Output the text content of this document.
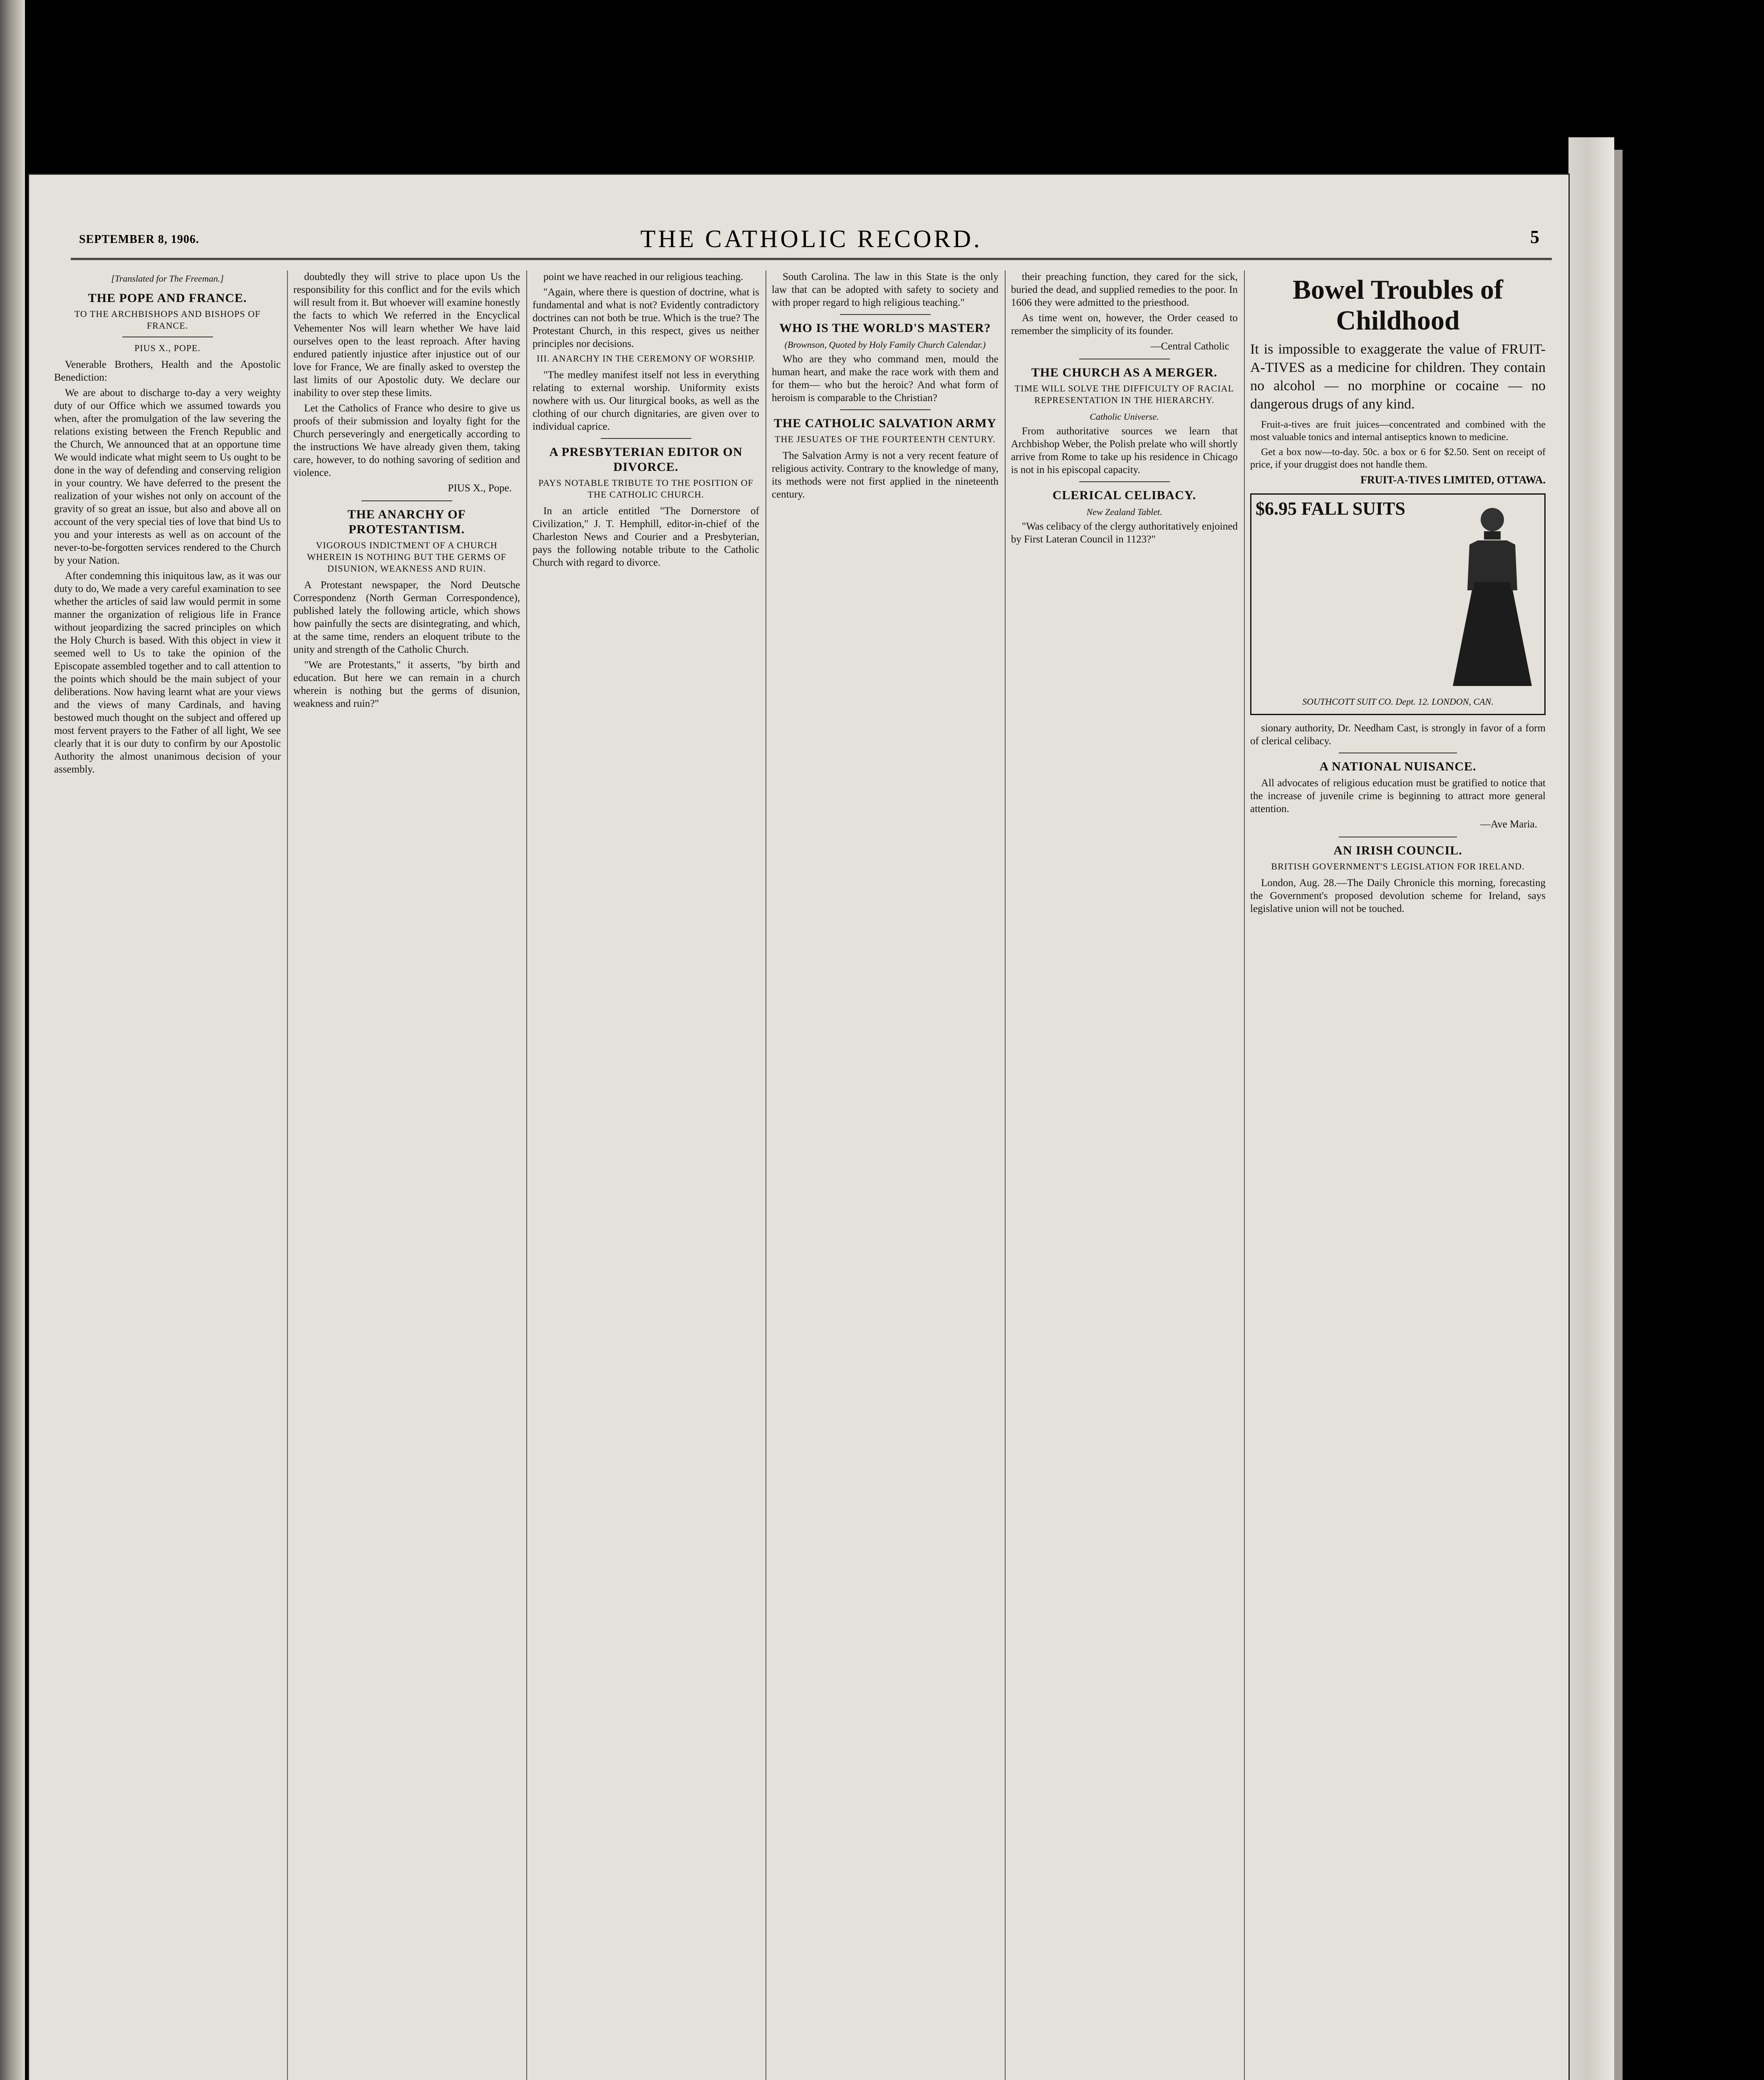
SEPTEMBER 8, 1906.	THE CATHOLIC RECORD.	5
[Translated for The Freeman.]
THE POPE AND FRANCE.
TO THE ARCHBISHOPS AND BISHOPS OF FRANCE.
PIUS X., POPE.

Venerable Brothers, Health and the Apostolic Benediction:

We are about to discharge to-day a very weighty duty of our Office which we assumed towards you when, after the promulgation of the law severing the relations existing between the French Republic and the Church, We announced that at an opportune time We would indicate what might seem to Us ought to be done in the way of defending and conserving religion in your country. We have deferred to the present the realization of your wishes not only on account of the gravity of so great an issue, but also and above all on account of the very special ties of love that bind Us to you and your interests as well as on account of the never-to-be-forgotten services rendered to the Church by your Nation.

After condemning this iniquitous law, as it was our duty to do, We made a very careful examination to see whether the articles of said law would permit in some manner the organization of religious life in France without jeopardizing the sacred principles on which the Holy Church is based. With this object in view it seemed well to Us to take the opinion of the Episcopate assembled together and to call attention to the points which should be the main subject of your deliberations. Now having learnt what are your views and the views of many Cardinals, and having bestowed much thought on the subject and offered up most fervent prayers to the Father of all light, We see clearly that it is our duty to confirm by our Apostolic Authority the almost unanimous decision of your assembly.

doubtedly they will strive to place upon Us the responsibility for this conflict and for the evils which will result from it. But whoever will examine honestly the facts to which We referred in the Encyclical Vehementer Nos will learn whether We have laid ourselves open to the least reproach. After having endured patiently injustice after injustice out of our love for France, We are finally asked to overstep the last limits of our Apostolic duty. We declare our inability to over step these limits.

Let the Catholics of France who desire to give us proofs of their submission and loyalty fight for the Church perseveringly and energetically according to the instructions We have already given them, taking care, however, to do nothing savoring of sedition and violence.

PIUS X., Pope.
THE ANARCHY OF PROTESTANTISM.
VIGOROUS INDICTMENT OF A CHURCH WHEREIN IS NOTHING BUT THE GERMS OF DISUNION, WEAKNESS AND RUIN.

A Protestant newspaper, the Nord Deutsche Correspondenz (North German Correspondence), published lately the following article, which shows how painfully the sects are disintegrating, and which, at the same time, renders an eloquent tribute to the unity and strength of the Catholic Church.

"We are Protestants," it asserts, "by birth and education. But here we can remain in a church wherein is nothing but the germs of disunion, weakness and ruin?"

point we have reached in our religious teaching.

"Again, where there is question of doctrine, what is fundamental and what is not? Evidently contradictory doctrines can not both be true. Which is the true? The Protestant Church, in this respect, gives us neither principles nor decisions.

III. ANARCHY IN THE CEREMONY OF WORSHIP.

"The medley manifest itself not less in everything relating to external worship. Uniformity exists nowhere with us. Our liturgical books, as well as the clothing of our church dignitaries, are given over to individual caprice.

A PRESBYTERIAN EDITOR ON DIVORCE.
PAYS NOTABLE TRIBUTE TO THE POSITION OF THE CATHOLIC CHURCH.

In an article entitled "The Dornerstore of Civilization," J. T. Hemphill, editor-in-chief of the Charleston News and Courier and a Presbyterian, pays the following notable tribute to the Catholic Church with regard to divorce.

South Carolina. The law in this State is the only law that can be adopted with safety to society and with proper regard to high religious teaching."

WHO IS THE WORLD'S MASTER?
(Brownson, Quoted by Holy Family Church Calendar.)

Who are they who command men, mould the human heart, and make the race work with them and for them— who but the heroic? And what form of heroism is comparable to the Christian?

THE CATHOLIC SALVATION ARMY
THE JESUATES OF THE FOURTEENTH CENTURY.

The Salvation Army is not a very recent feature of religious activity. Contrary to the knowledge of many, its methods were not first applied in the nineteenth century.

their preaching function, they cared for the sick, buried the dead, and supplied remedies to the poor. In 1606 they were admitted to the priesthood.

As time went on, however, the Order ceased to remember the simplicity of its founder.

—Central Catholic
THE CHURCH AS A MERGER.
TIME WILL SOLVE THE DIFFICULTY OF RACIAL REPRESENTATION IN THE HIERARCHY.
Catholic Universe.

From authoritative sources we learn that Archbishop Weber, the Polish prelate who will shortly arrive from Rome to take up his residence in Chicago is not in his episcopal capacity.

CLERICAL CELIBACY.
New Zealand Tablet.

"Was celibacy of the clergy authoritatively enjoined by First Lateran Council in 1123?"

Bowel Troubles of Childhood
It is impossible to exaggerate the value of FRUIT-A-TIVES as a medicine for children. They contain no alcohol — no morphine or cocaine — no dangerous drugs of any kind.

Fruit-a-tives are fruit juices—concentrated and combined with the most valuable tonics and internal antiseptics known to medicine.

Get a box now—to-day. 50c. a box or 6 for $2.50. Sent on receipt of price, if your druggist does not handle them.

FRUIT-A-TIVES LIMITED, OTTAWA.
$6.95 FALL SUITS
SOUTHCOTT SUIT CO. Dept. 12. LONDON, CAN.

sionary authority, Dr. Needham Cast, is strongly in favor of a form of clerical celibacy.

A NATIONAL NUISANCE.

All advocates of religious education must be gratified to notice that the increase of juvenile crime is beginning to attract more general attention.

—Ave Maria.
AN IRISH COUNCIL.
BRITISH GOVERNMENT'S LEGISLATION FOR IRELAND.

London, Aug. 28.—The Daily Chronicle this morning, forecasting the Government's proposed devolution scheme for Ireland, says legislative union will not be touched.
